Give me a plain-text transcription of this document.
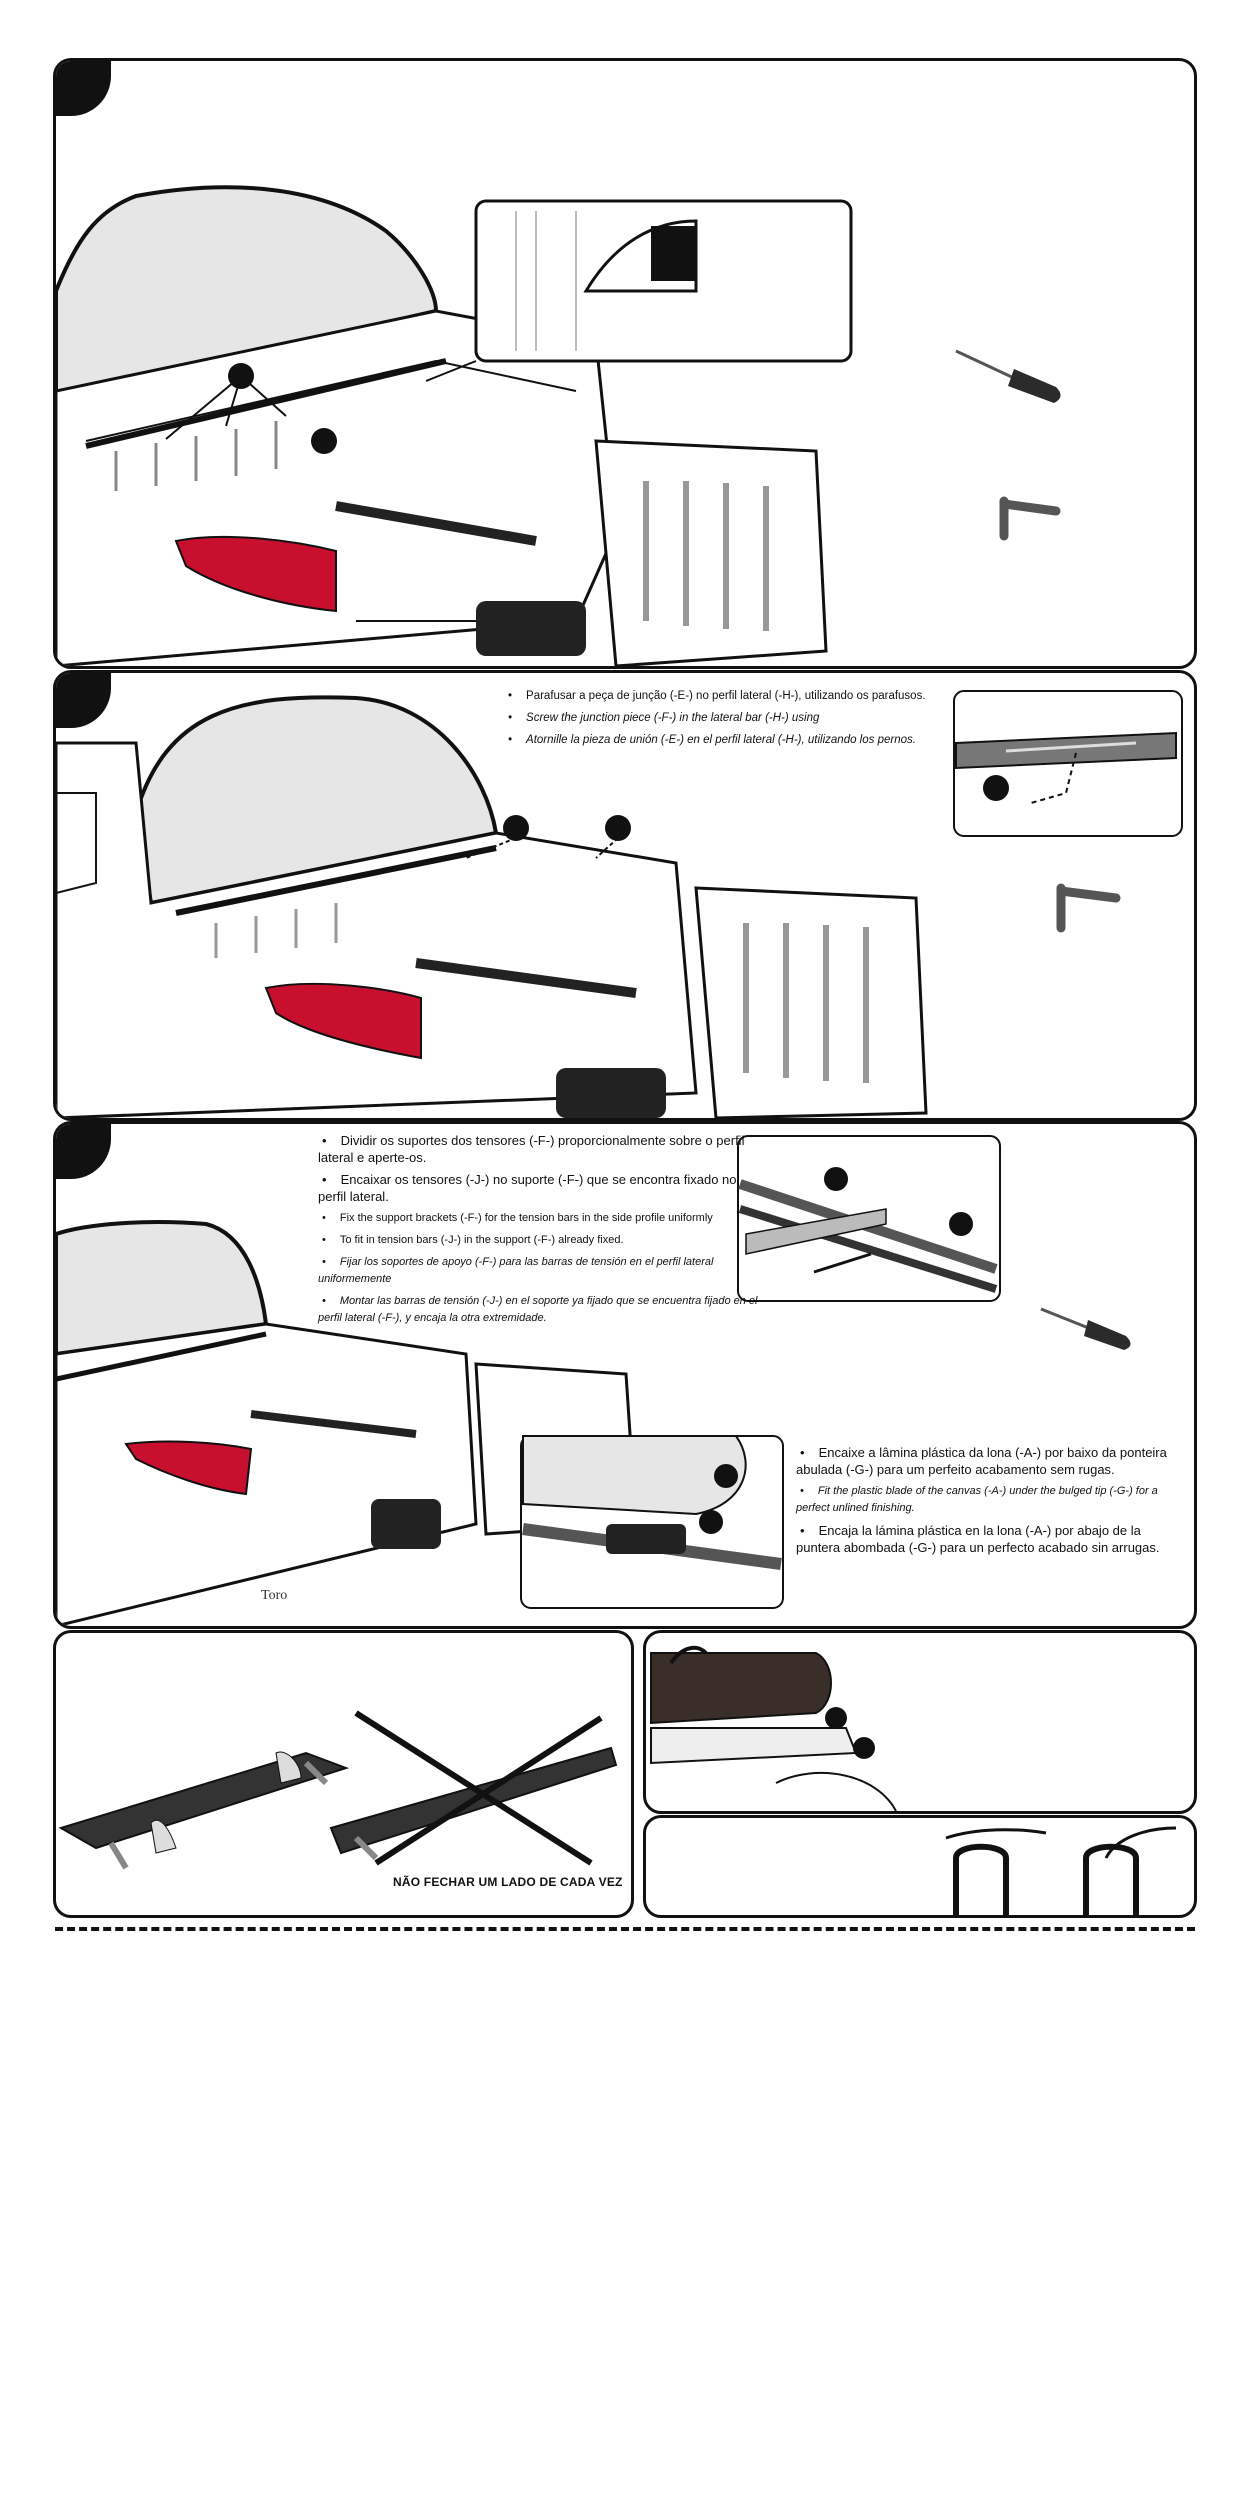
• Parafusar a peça de junção (-E-) no perfil lateral (-H-), utilizando os parafusos.

• Screw the junction piece (-F-) in the lateral bar (-H-) using

• Atornille la pieza de unión (-E-) en el perfil lateral (-H-), utilizando los pernos.

Toro

• Dividir os suportes dos tensores (-F-) proporcionalmente sobre o perfil lateral e aperte-os.

• Encaixar os tensores (-J-) no suporte (-F-) que se encontra fixado no perfil lateral.

• Fix the support brackets (-F-) for the tension bars in the side profile uniformly

• To fit in tension bars (-J-) in the support (-F-) already fixed.

• Fijar los soportes de apoyo (-F-) para las barras de tensión en el perfil lateral uniformemente

• Montar las barras de tensión (-J-) en el soporte ya fijado que se encuentra fijado en el perfil lateral (-F-), y encaja la otra extremidade.

• Encaixe a lâmina plástica da lona (-A-) por baixo da ponteira abulada (-G-) para um perfeito acabamento sem rugas.

• Fit the plastic blade of the canvas (-A-) under the bulged tip (-G-) for a perfect unlined finishing.

• Encaja la lámina plástica en la lona (-A-) por abajo de la puntera abombada (-G-) para un perfecto acabado sin arrugas.

NÃO FECHAR UM LADO DE CADA VEZ
